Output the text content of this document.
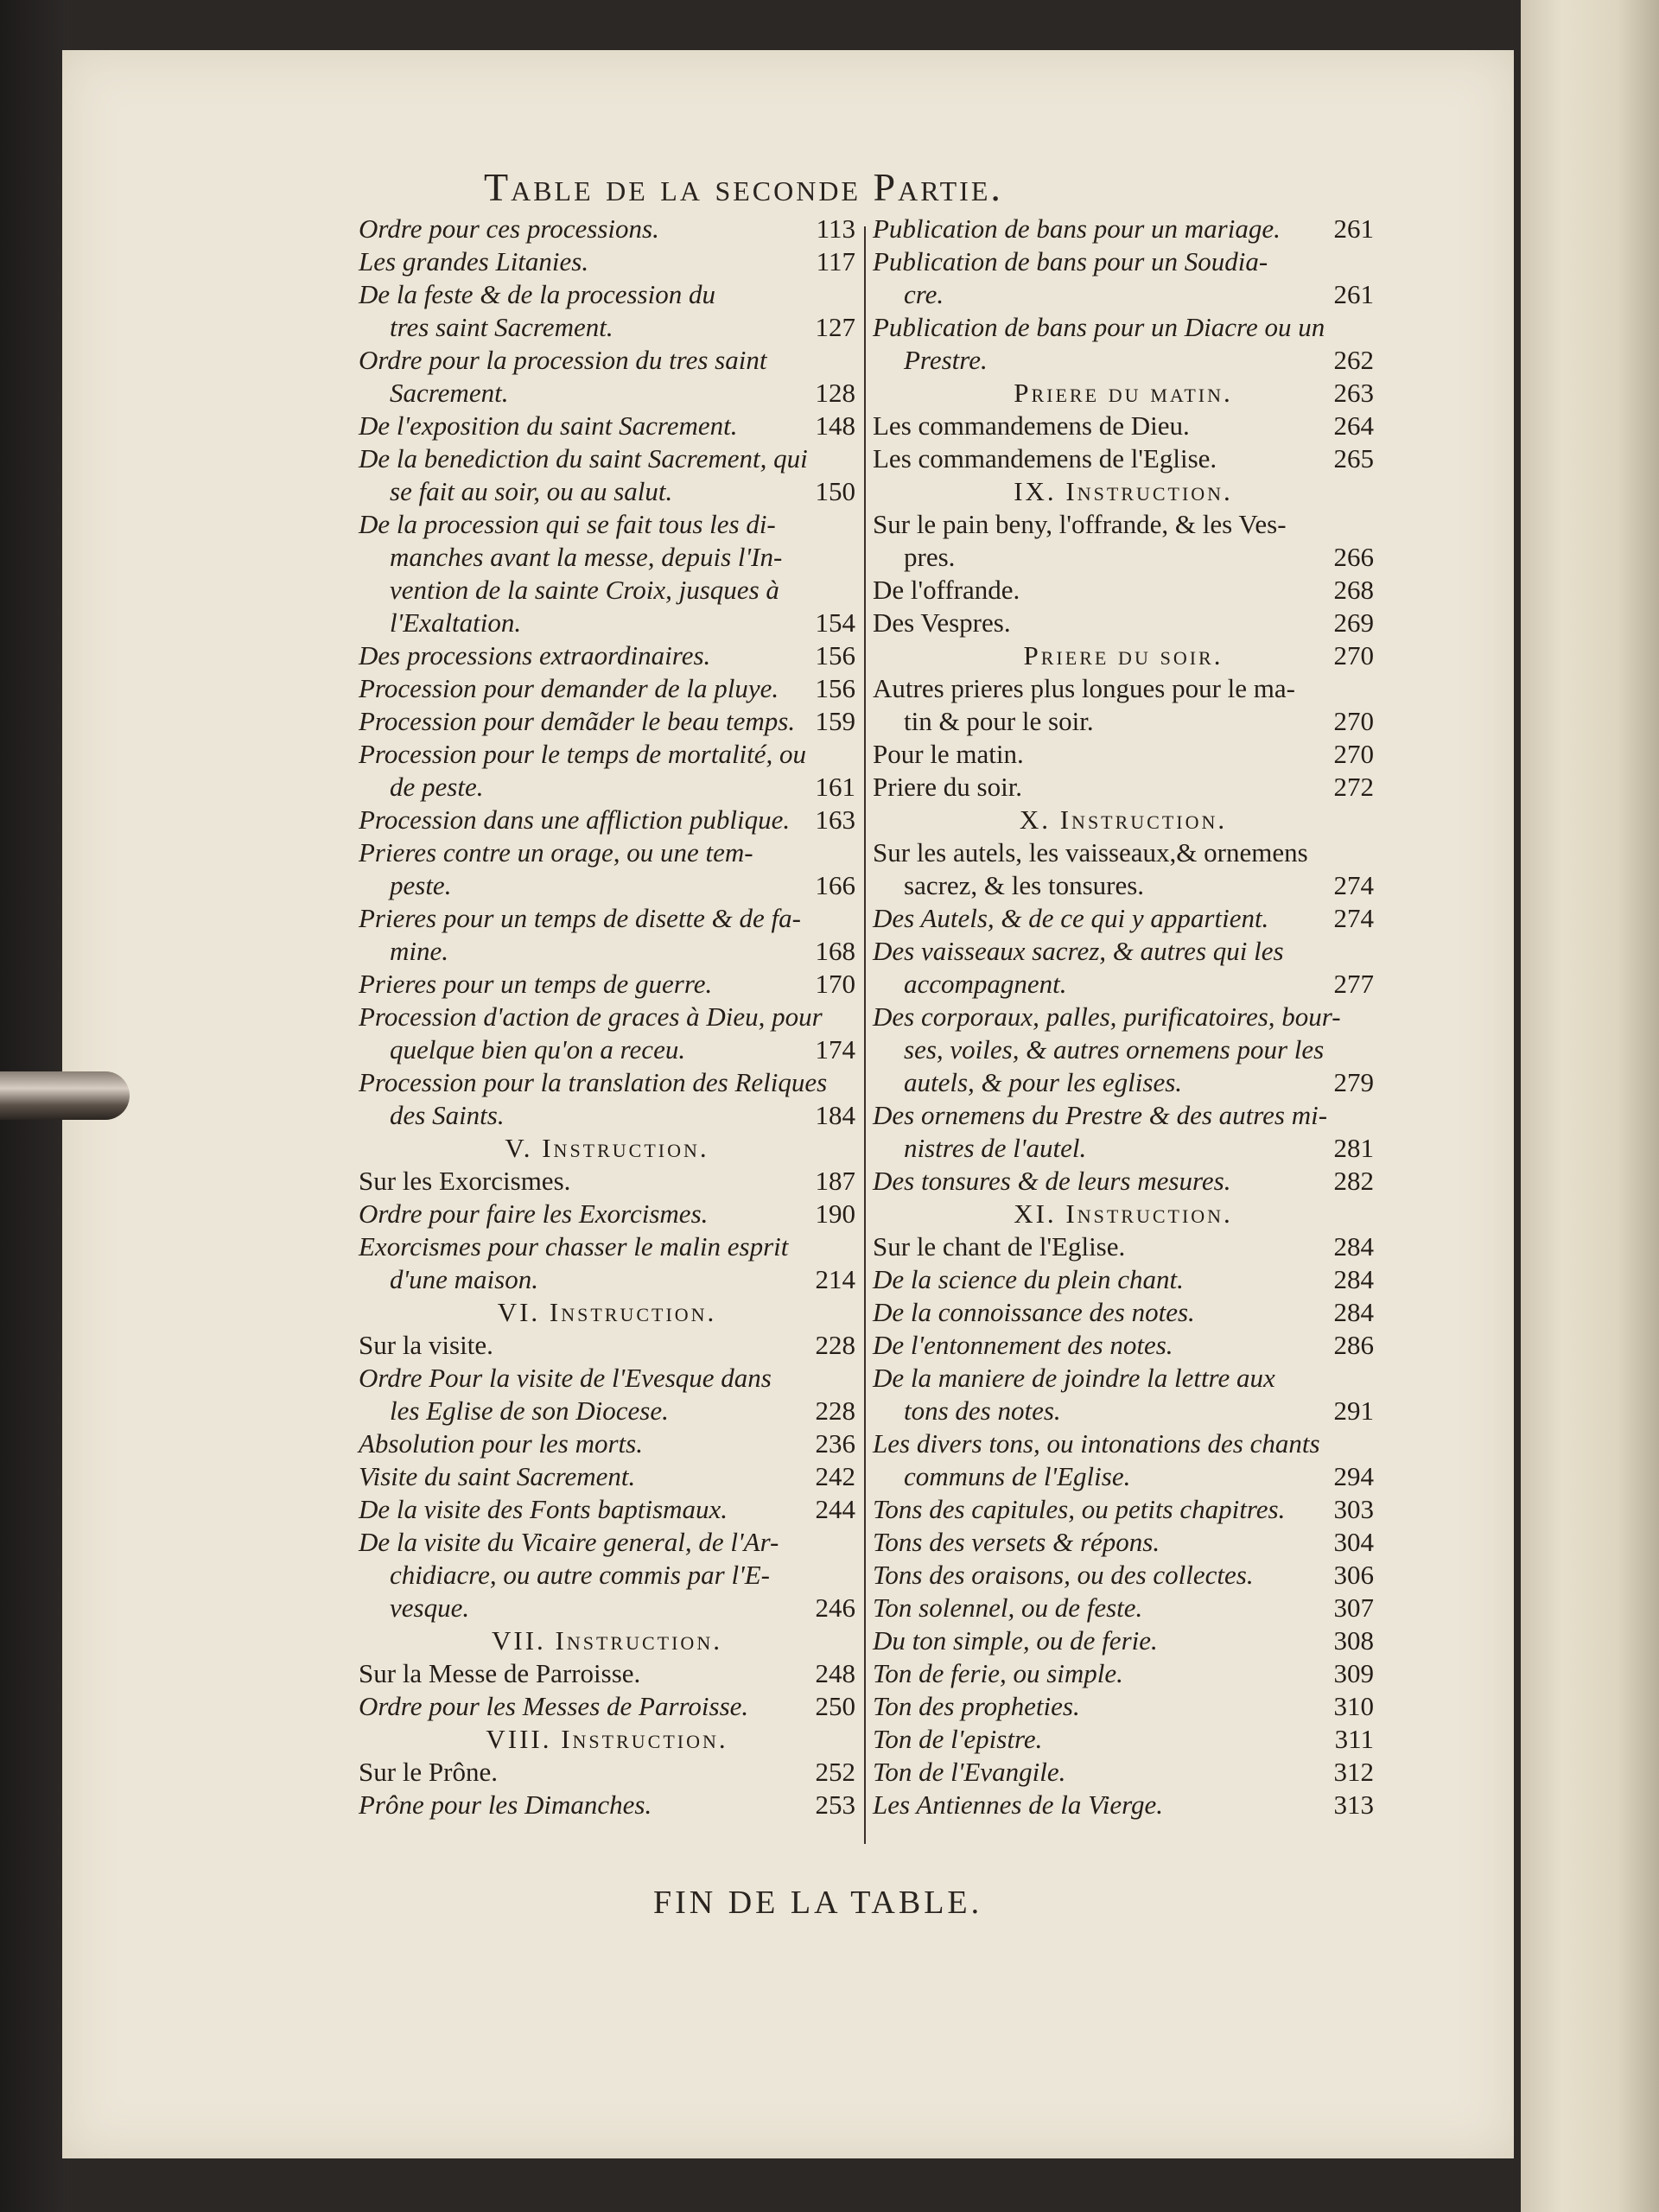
Table de la seconde Partie.
Ordre pour ces processions.	113
Les grandes Litanies.	117
De la feste & de la procession du
tres saint Sacrement.	127
Ordre pour la procession du tres saint
Sacrement.	128
De l'exposition du saint Sacrement.	148
De la benediction du saint Sacrement, qui
se fait au soir, ou au salut.	150
De la procession qui se fait tous les di-
manches avant la messe, depuis l'In-
vention de la sainte Croix, jusques à
l'Exaltation.	154
Des processions extraordinaires.	156
Procession pour demander de la pluye.	156
Procession pour demãder le beau temps. 159
Procession pour le temps de mortalité, ou
de peste.	161
Procession dans une affliction publique. 163
Prieres contre un orage, ou une tem-
peste.	166
Prieres pour un temps de disette & de fa-
mine.	168
Prieres pour un temps de guerre.	170
Procession d'action de graces à Dieu, pour
quelque bien qu'on a receu.	174
Procession pour la translation des Reliques
des Saints.	184
V. Instruction.
Sur les Exorcismes.	187
Ordre pour faire les Exorcismes.	190
Exorcismes pour chasser le malin esprit
d'une maison.	214
VI. Instruction.
Sur la visite.	228
Ordre Pour la visite de l'Evesque dans
les Eglise de son Diocese.	228
Absolution pour les morts.	236
Visite du saint Sacrement.	242
De la visite des Fonts baptismaux.	244
De la visite du Vicaire general, de l'Ar-
chidiacre, ou autre commis par l'E-
vesque.	246
VII. Instruction.
Sur la Messe de Parroisse.	248
Ordre pour les Messes de Parroisse.	250
VIII. Instruction.
Sur le Prône.	252
Prône pour les Dimanches.	253
Publication de bans pour un mariage.	261
Publication de bans pour un Soudia-
cre.	261
Publication de bans pour un Diacre ou un
Prestre.	262
Priere du matin.	263
Les commandemens de Dieu.	264
Les commandemens de l'Eglise.	265
IX. Instruction.
Sur le pain beny, l'offrande, & les Ves-
pres.	266
De l'offrande.	268
Des Vespres.	269
Priere du soir.	270
Autres prieres plus longues pour le ma-
tin & pour le soir.	270
Pour le matin.	270
Priere du soir.	272
X. Instruction.
Sur les autels, les vaisseaux,& ornemens
sacrez, & les tonsures.	274
Des Autels, & de ce qui y appartient.	274
Des vaisseaux sacrez, & autres qui les
accompagnent.	277
Des corporaux, palles, purificatoires, bour-
ses, voiles, & autres ornemens pour les
autels, & pour les eglises.	279
Des ornemens du Prestre & des autres mi-
nistres de l'autel.	281
Des tonsures & de leurs mesures.	282
XI. Instruction.
Sur le chant de l'Eglise.	284
De la science du plein chant.	284
De la connoissance des notes.	284
De l'entonnement des notes.	286
De la maniere de joindre la lettre aux
tons des notes.	291
Les divers tons, ou intonations des chants
communs de l'Eglise.	294
Tons des capitules, ou petits chapitres.	303
Tons des versets & répons.	304
Tons des oraisons, ou des collectes.	306
Ton solennel, ou de feste.	307
Du ton simple, ou de ferie.	308
Ton de ferie, ou simple.	309
Ton des propheties.	310
Ton de l'epistre.	311
Ton de l'Evangile.	312
Les Antiennes de la Vierge.	313
FIN DE LA TABLE.
